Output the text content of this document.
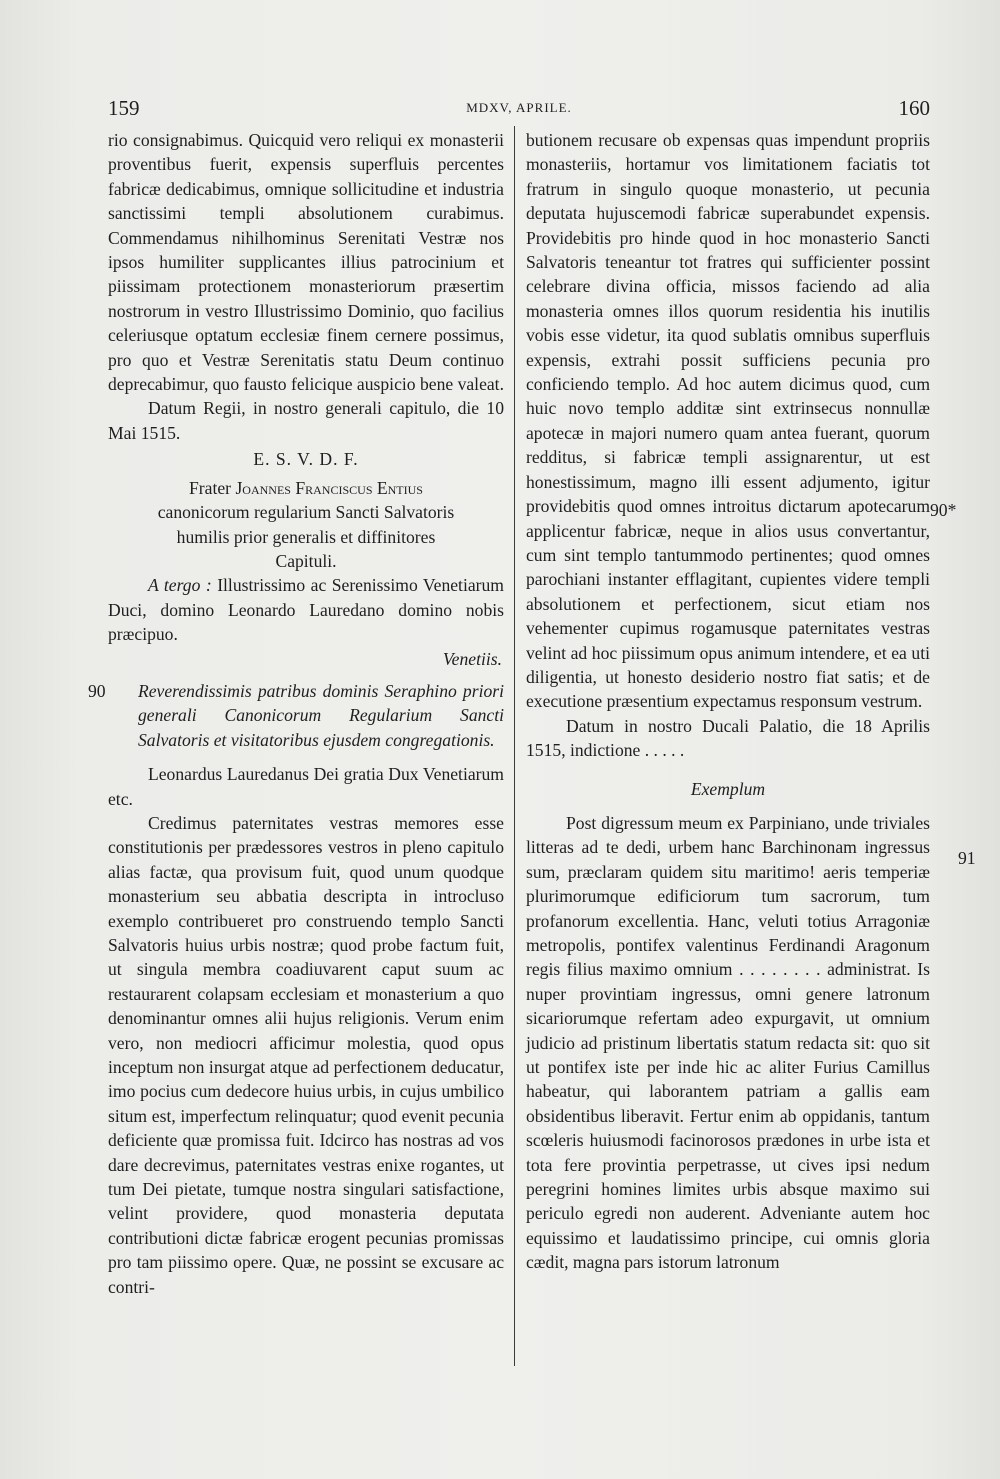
159	MDXV, APRILE.	160

rio consignabimus. Quicquid vero reliqui ex monasterii proventibus fuerit, expensis superfluis percentes fabricæ dedicabimus, omnique sollicitudine et industria sanctissimi templi absolutionem curabimus. Commendamus nihilhominus Serenitati Vestræ nos ipsos humiliter supplicantes illius patrocinium et piissimam protectionem monasteriorum præsertim nostrorum in vestro Illustrissimo Dominio, quo facilius celeriusque optatum ecclesiæ finem cernere possimus, pro quo et Vestræ Serenitatis statu Deum continuo deprecabimur, quo fausto felicique auspicio bene valeat.

Datum Regii, in nostro generali capitulo, die 10 Mai 1515.

E. S. V. D. F.

Frater Joannes Franciscus Entius

canonicorum regularium Sancti Salvatoris

humilis prior generalis et diffinitores

Capituli.

A tergo : Illustrissimo ac Serenissimo Venetiarum Duci, domino Leonardo Lauredano domino nobis præcipuo.

Venetiis.

90	Reverendissimis patribus dominis Seraphino priori generali Canonicorum Regularium Sancti Salvatoris et visitatoribus ejusdem congregationis.

Leonardus Lauredanus Dei gratia Dux Venetiarum etc.

Credimus paternitates vestras memores esse constitutionis per prædessores vestros in pleno capitulo alias factæ, qua provisum fuit, quod unum quodque monasterium seu abbatia descripta in introcluso exemplo contribueret pro construendo templo Sancti Salvatoris huius urbis nostræ; quod probe factum fuit, ut singula membra coadiuvarent caput suum ac restaurarent colapsam ecclesiam et monasterium a quo denominantur omnes alii hujus religionis. Verum enim vero, non mediocri afficimur molestia, quod opus inceptum non insurgat atque ad perfectionem deducatur, imo pocius cum dedecore huius urbis, in cujus umbilico situm est, imperfectum relinquatur; quod evenit pecunia deficiente quæ promissa fuit. Idcirco has nostras ad vos dare decrevimus, paternitates vestras enixe rogantes, ut tum Dei pietate, tumque nostra singulari satisfactione, velint providere, quod monasteria deputata contributioni dictæ fabricæ erogent pecunias promissas pro tam piissimo opere. Quæ, ne possint se excusare ac contri-

butionem recusare ob expensas quas impendunt propriis monasteriis, hortamur vos limitationem faciatis tot fratrum in singulo quoque monasterio, ut pecunia deputata hujuscemodi fabricæ superabundet expensis. Providebitis pro hinde quod in hoc monasterio Sancti Salvatoris teneantur tot fratres qui sufficienter possint celebrare divina officia, missos faciendo ad alia monasteria omnes illos quorum residentia his inutilis vobis esse videtur, ita quod sublatis omnibus superfluis expensis, extrahi possit sufficiens pecunia pro conficiendo templo. Ad hoc autem dicimus quod, cum huic novo templo additæ sint extrinsecus nonnullæ apotecæ in majori numero quam antea fuerant, quorum redditus, si fabricæ templi assignarentur, ut est honestissimum, magno illi essent adjumento, igitur providebitis quod omnes introitus dictarum apotecarum applicentur fabricæ, neque in alios usus convertantur, cum sint templo tantummodo pertinentes; quod omnes parochiani instanter efflagitant, cupientes videre templi absolutionem et perfectionem, sicut etiam nos vehementer cupimus rogamusque paternitates vestras velint ad hoc piissimum opus animum intendere, et ea uti diligentia, ut honesto desiderio nostro fiat satis; et de executione præsentium expectamus responsum vestrum.

Datum in nostro Ducali Palatio, die 18 Aprilis 1515, indictione . . . . .

Exemplum

Post digressum meum ex Parpiniano, unde triviales litteras ad te dedi, urbem hanc Barchinonam ingressus sum, præclaram quidem situ maritimo! aeris temperiæ plurimorumque edificiorum tum sacrorum, tum profanorum excellentia. Hanc, veluti totius Arragoniæ metropolis, pontifex valentinus Ferdinandi Aragonum regis filius maximo omnium . . . . . . . . administrat. Is nuper provintiam ingressus, omni genere latronum sicariorumque refertam adeo expurgavit, ut omnium judicio ad pristinum libertatis statum redacta sit: quo sit ut pontifex iste per inde hic ac aliter Furius Camillus habeatur, qui laborantem patriam a gallis eam obsidentibus liberavit. Fertur enim ab oppidanis, tantum scœleris huiusmodi facinorosos prædones in urbe ista et tota fere provintia perpetrasse, ut cives ipsi nedum peregrini homines limites urbis absque maximo sui periculo egredi non auderent. Adveniante autem hoc equissimo et laudatissimo principe, cui omnis gloria cædit, magna pars istorum latronum

90*
91
